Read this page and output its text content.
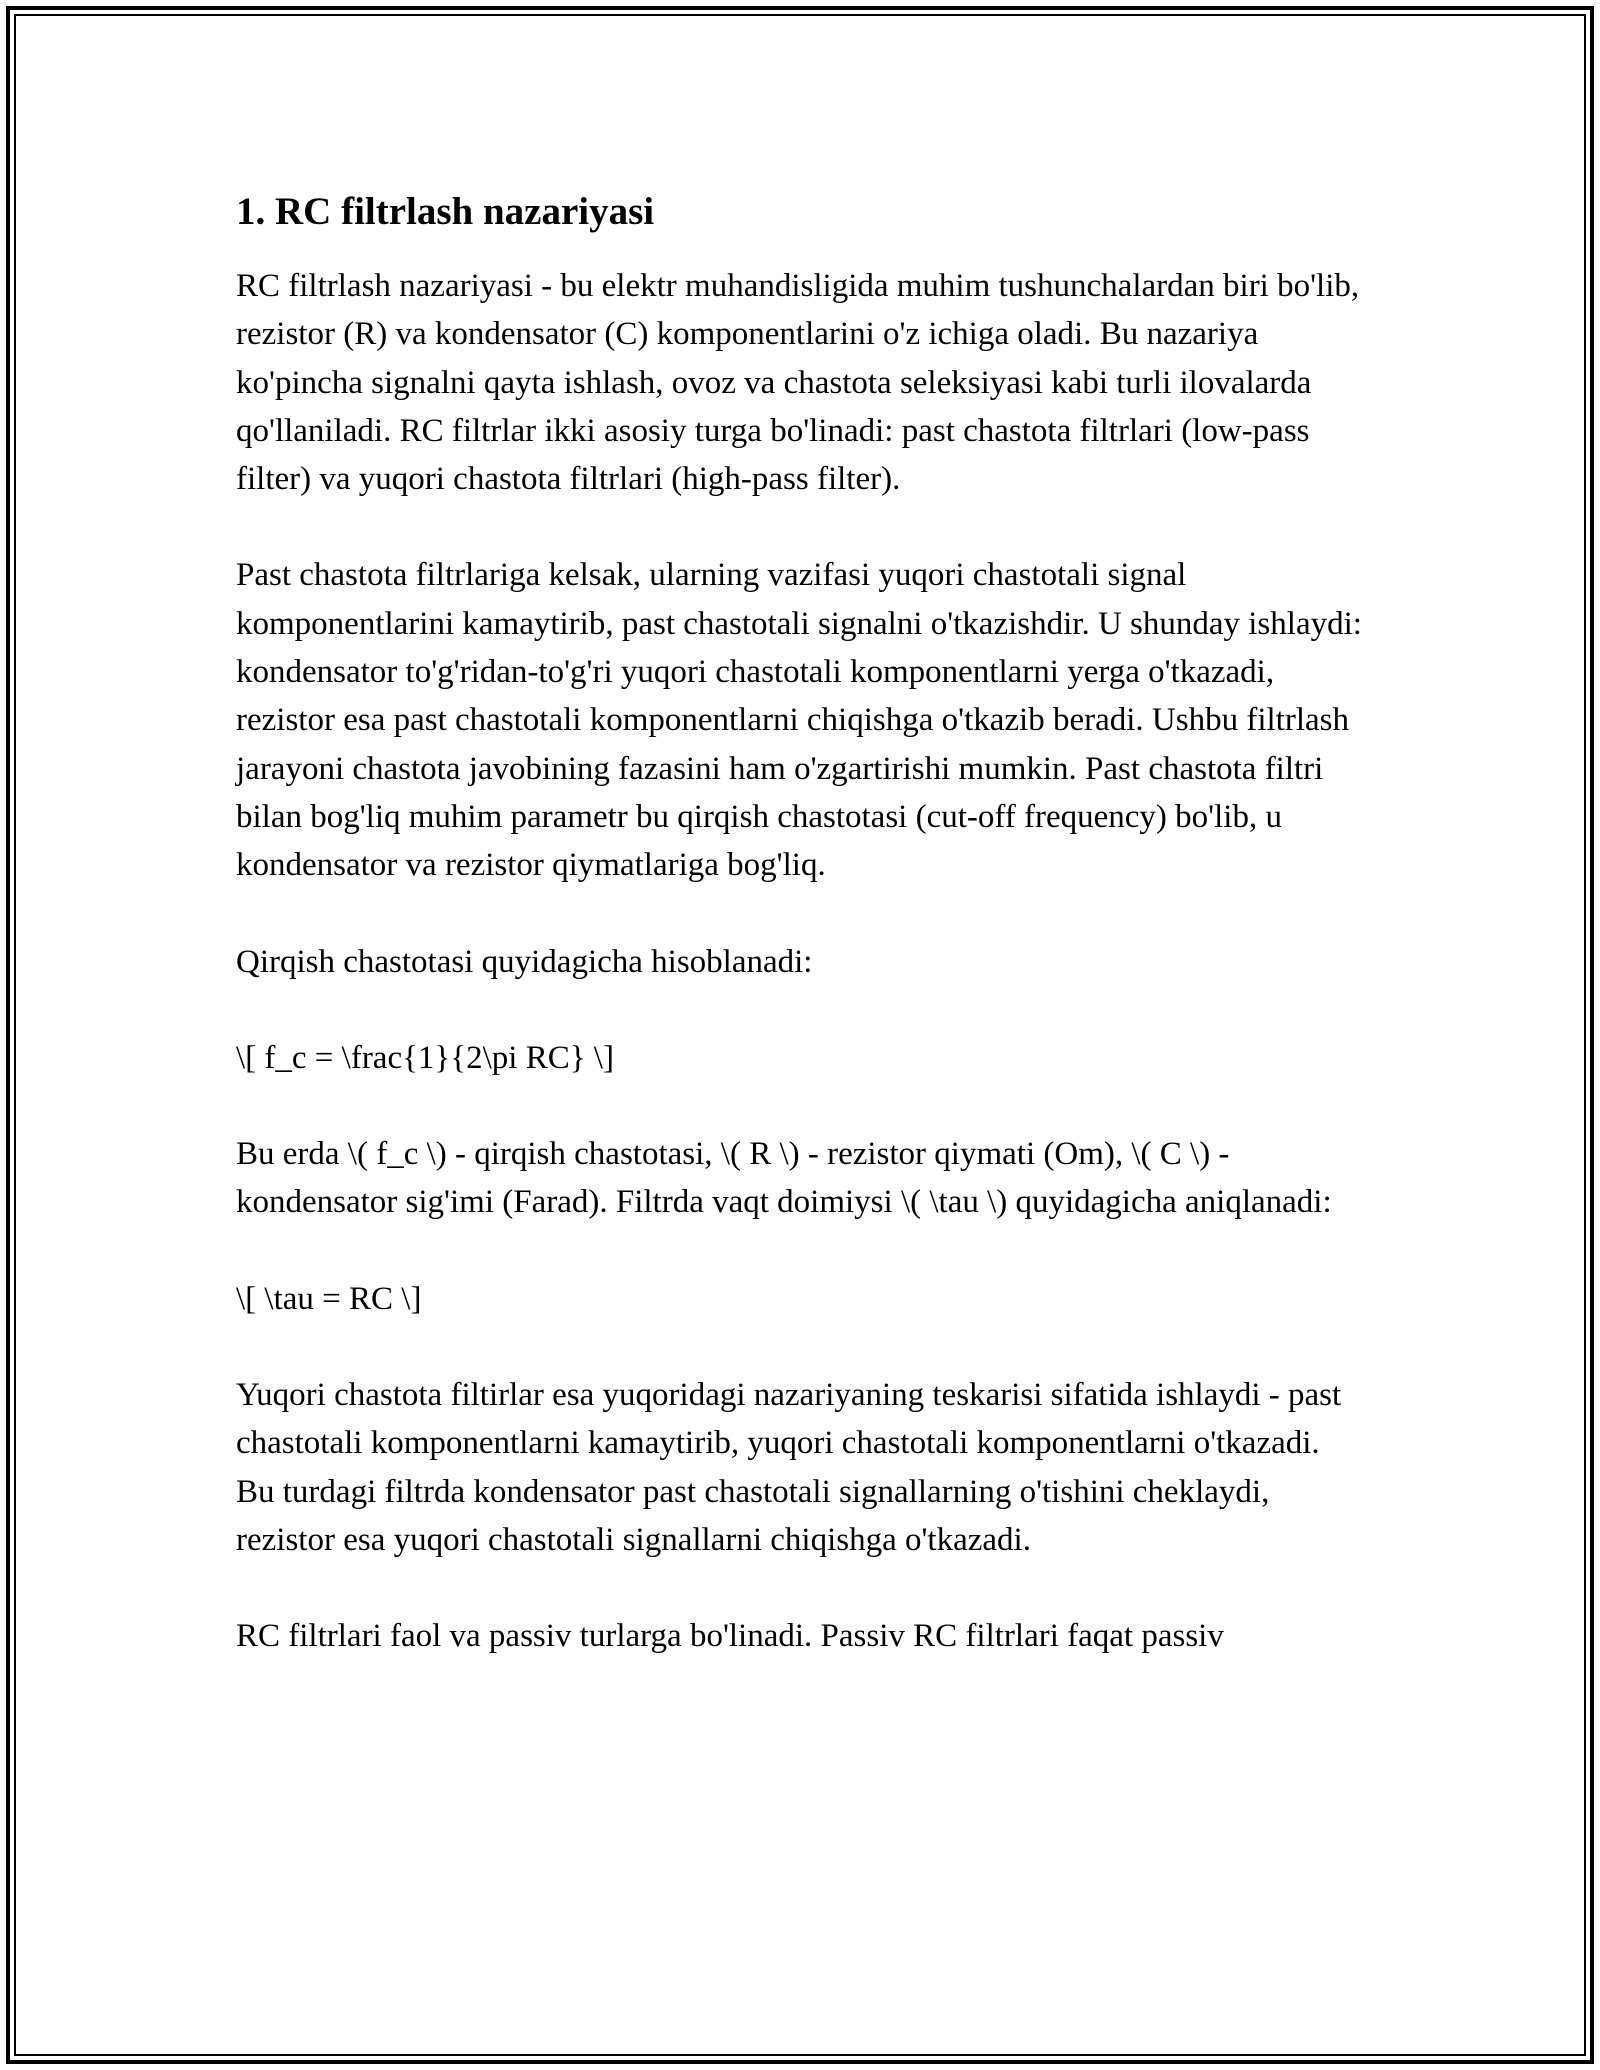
1. RC filtrlash nazariyasi

RC filtrlash nazariyasi - bu elektr muhandisligida muhim tushunchalardan biri bo'lib, rezistor (R) va kondensator (C) komponentlarini o'z ichiga oladi. Bu nazariya ko'pincha signalni qayta ishlash, ovoz va chastota seleksiyasi kabi turli ilovalarda qo'llaniladi. RC filtrlar ikki asosiy turga bo'linadi: past chastota filtrlari (low-pass filter) va yuqori chastota filtrlari (high-pass filter).

Past chastota filtrlariga kelsak, ularning vazifasi yuqori chastotali signal komponentlarini kamaytirib, past chastotali signalni o'tkazishdir. U shunday ishlaydi: kondensator to'g'ridan-to'g'ri yuqori chastotali komponentlarni yerga o'tkazadi, rezistor esa past chastotali komponentlarni chiqishga o'tkazib beradi. Ushbu filtrlash jarayoni chastota javobining fazasini ham o'zgartirishi mumkin. Past chastota filtri bilan bog'liq muhim parametr bu qirqish chastotasi (cut-off frequency) bo'lib, u kondensator va rezistor qiymatlariga bog'liq.

Qirqish chastotasi quyidagicha hisoblanadi:

\[ f_c = \frac{1}{2\pi RC} \]

Bu erda \( f_c \) - qirqish chastotasi, \( R \) - rezistor qiymati (Om), \( C \) - kondensator sig'imi (Farad). Filtrda vaqt doimiysi \( \tau \) quyidagicha aniqlanadi:

\[ \tau = RC \]

Yuqori chastota filtirlar esa yuqoridagi nazariyaning teskarisi sifatida ishlaydi - past chastotali komponentlarni kamaytirib, yuqori chastotali komponentlarni o'tkazadi. Bu turdagi filtrda kondensator past chastotali signallarning o'tishini cheklaydi, rezistor esa yuqori chastotali signallarni chiqishga o'tkazadi.

RC filtrlari faol va passiv turlarga bo'linadi. Passiv RC filtrlari faqat passiv
